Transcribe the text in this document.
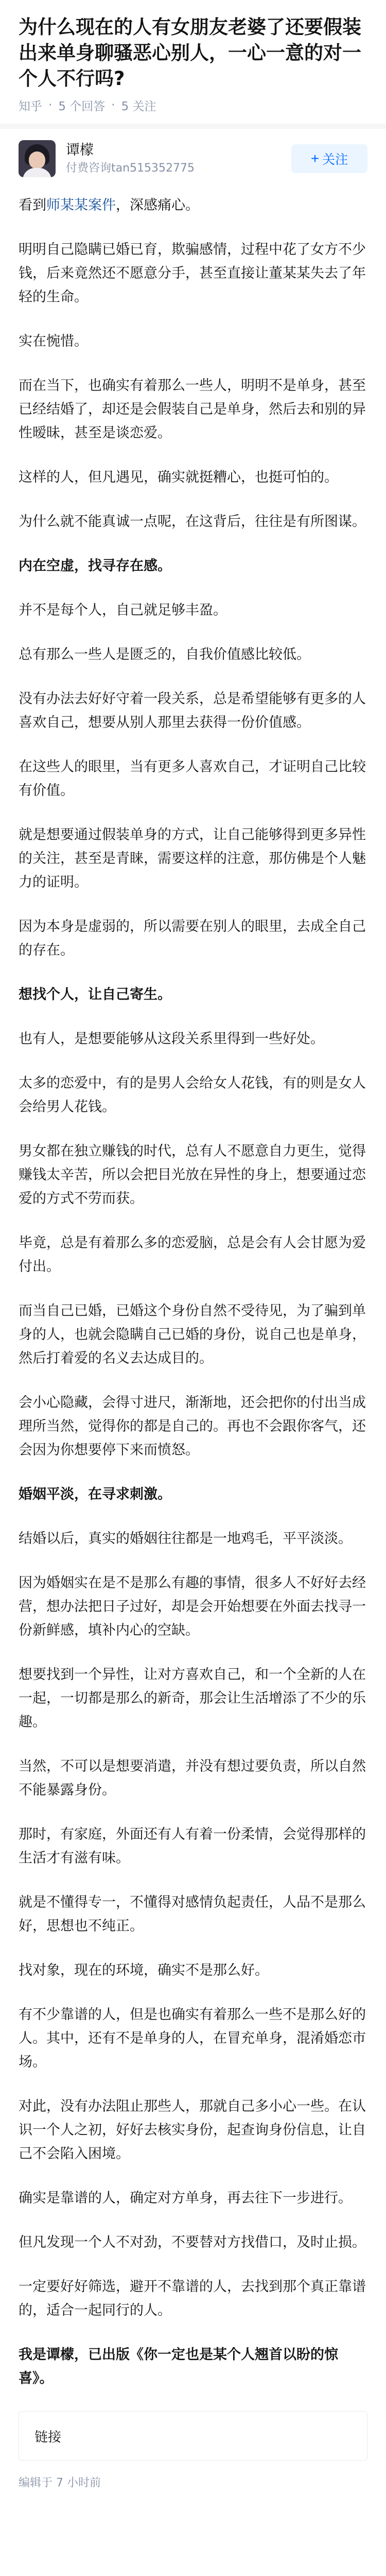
为什么现在的人有女朋友老婆了还要假装出来单身聊骚恶心别人，一心一意的对一个人不行吗?
知乎 · 5 个回答 · 5 关注
谭檬
付费咨询tan515352775
+ 关注
看到师某某案件，深感痛心。
明明自己隐瞒已婚已育，欺骗感情，过程中花了女方不少钱，后来竟然还不愿意分手，甚至直接让董某某失去了年轻的生命。
实在惋惜。
而在当下，也确实有着那么一些人，明明不是单身，甚至已经结婚了，却还是会假装自己是单身，然后去和别的异性暧昧，甚至是谈恋爱。
这样的人，但凡遇见，确实就挺糟心，也挺可怕的。
为什么就不能真诚一点呢，在这背后，往往是有所图谋。
内在空虚，找寻存在感。
并不是每个人，自己就足够丰盈。
总有那么一些人是匮乏的，自我价值感比较低。
没有办法去好好守着一段关系，总是希望能够有更多的人喜欢自己，想要从别人那里去获得一份价值感。
在这些人的眼里，当有更多人喜欢自己，才证明自己比较有价值。
就是想要通过假装单身的方式，让自己能够得到更多异性的关注，甚至是青睐，需要这样的注意，那仿佛是个人魅力的证明。
因为本身是虚弱的，所以需要在别人的眼里，去成全自己的存在。
想找个人，让自己寄生。
也有人，是想要能够从这段关系里得到一些好处。
太多的恋爱中，有的是男人会给女人花钱，有的则是女人会给男人花钱。
男女都在独立赚钱的时代，总有人不愿意自力更生，觉得赚钱太辛苦，所以会把目光放在异性的身上，想要通过恋爱的方式不劳而获。
毕竟，总是有着那么多的恋爱脑，总是会有人会甘愿为爱付出。
而当自己已婚，已婚这个身份自然不受待见，为了骗到单身的人，也就会隐瞒自己已婚的身份，说自己也是单身，然后打着爱的名义去达成目的。
会小心隐藏，会得寸进尺，渐渐地，还会把你的付出当成理所当然，觉得你的都是自己的。再也不会跟你客气，还会因为你想要停下来而愤怒。
婚姻平淡，在寻求刺激。
结婚以后，真实的婚姻往往都是一地鸡毛，平平淡淡。
因为婚姻实在是不是那么有趣的事情，很多人不好好去经营，想办法把日子过好，却是会开始想要在外面去找寻一份新鲜感，填补内心的空缺。
想要找到一个异性，让对方喜欢自己，和一个全新的人在一起，一切都是那么的新奇，那会让生活增添了不少的乐趣。
当然，不可以是想要消遣，并没有想过要负责，所以自然不能暴露身份。
那时，有家庭，外面还有人有着一份柔情，会觉得那样的生活才有滋有味。
就是不懂得专一，不懂得对感情负起责任，人品不是那么好，思想也不纯正。
找对象，现在的环境，确实不是那么好。
有不少靠谱的人，但是也确实有着那么一些不是那么好的人。其中，还有不是单身的人，在冒充单身，混淆婚恋市场。
对此，没有办法阻止那些人，那就自己多小心一些。在认识一个人之初，好好去核实身份，起查询身份信息，让自己不会陷入困境。
确实是靠谱的人，确定对方单身，再去往下一步进行。
但凡发现一个人不对劲，不要替对方找借口，及时止损。
一定要好好筛选，避开不靠谱的人，去找到那个真正靠谱的，适合一起同行的人。
我是谭檬，已出版《你一定也是某个人翘首以盼的惊喜》。
链接
编辑于 7 小时前
